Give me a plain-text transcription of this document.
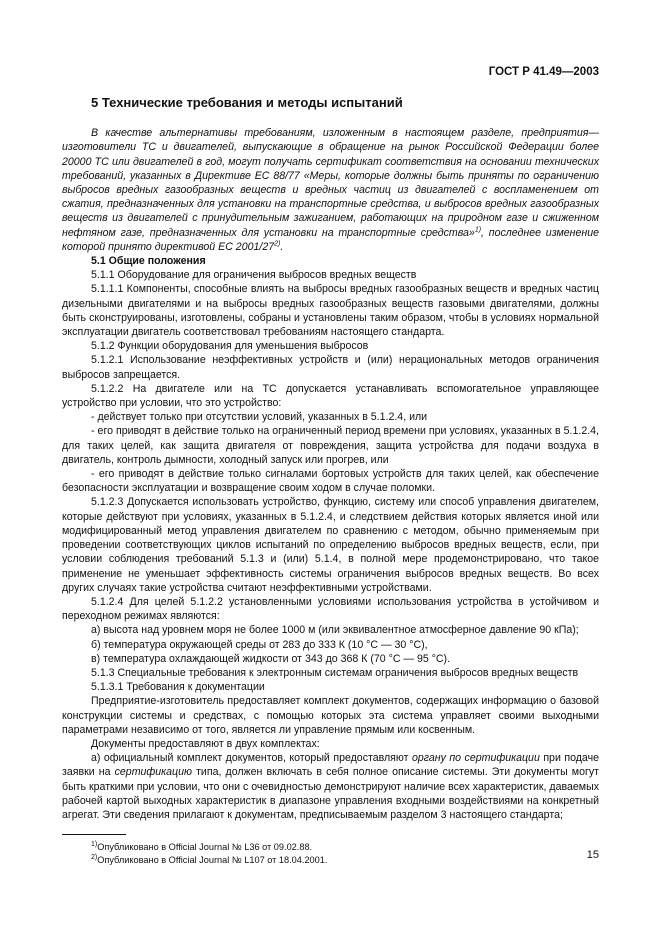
ГОСТ Р 41.49—2003
5 Технические требования и методы испытаний

В качестве альтернативы требованиям, изложенным в настоящем разделе, предприятия—изготовители ТС и двигателей, выпускающие в обращение на рынок Российской Федерации более 20000 ТС или двигателей в год, могут получать сертификат соответствия на основании технических требований, указанных в Директиве ЕС 88/77 «Меры, которые должны быть приняты по ограничению выбросов вредных газообразных веществ и вредных частиц из двигателей с воспламенением от сжатия, предназначенных для установки на транспортные средства, и выбросов вредных газообразных веществ из двигателей с принудительным зажиганием, работающих на природном газе и сжиженном нефтяном газе, предназначенных для установки на транспортные средства»$^{1)}$, последнее изменение которой принято директивой ЕС 2001/27$^{2)}$.

5.1 Общие положения

5.1.1 Оборудование для ограничения выбросов вредных веществ

5.1.1.1 Компоненты, способные влиять на выбросы вредных газообразных веществ и вредных частиц дизельными двигателями и на выбросы вредных газообразных веществ газовыми двигателями, должны быть сконструированы, изготовлены, собраны и установлены таким образом, чтобы в условиях нормальной эксплуатации двигатель соответствовал требованиям настоящего стандарта.

5.1.2 Функции оборудования для уменьшения выбросов

5.1.2.1 Использование неэффективных устройств и (или) нерациональных методов ограничения выбросов запрещается.

5.1.2.2 На двигателе или на ТС допускается устанавливать вспомогательное управляющее устройство при условии, что это устройство:

- действует только при отсутствии условий, указанных в 5.1.2.4, или

- его приводят в действие только на ограниченный период времени при условиях, указанных в 5.1.2.4, для таких целей, как защита двигателя от повреждения, защита устройства для подачи воздуха в двигатель, контроль дымности, холодный запуск или прогрев, или

- его приводят в действие только сигналами бортовых устройств для таких целей, как обеспечение безопасности эксплуатации и возвращение своим ходом в случае поломки.

5.1.2.3 Допускается использовать устройство, функцию, систему или способ управления двигателем, которые действуют при условиях, указанных в 5.1.2.4, и следствием действия которых является иной или модифицированный метод управления двигателем по сравнению с методом, обычно применяемым при проведении соответствующих циклов испытаний по определению выбросов вредных веществ, если, при условии соблюдения требований 5.1.3 и (или) 5.1.4, в полной мере продемонстрировано, что такое применение не уменьшает эффективность системы ограничения выбросов вредных веществ. Во всех других случаях такие устройства считают неэффективными устройствами.

5.1.2.4 Для целей 5.1.2.2 установленными условиями использования устройства в устойчивом и переходном режимах являются:

а) высота над уровнем моря не более 1000 м (или эквивалентное атмосферное давление 90 кПа);

б) температура окружающей среды от 283 до 333 К (10 °С — 30 °С),

в) температура охлаждающей жидкости от 343 до 368 К (70 °С — 95 °С).

5.1.3 Специальные требования к электронным системам ограничения выбросов вредных веществ

5.1.3.1 Требования к документации

Предприятие-изготовитель предоставляет комплект документов, содержащих информацию о базовой конструкции системы и средствах, с помощью которых эта система управляет своими выходными параметрами независимо от того, является ли управление прямым или косвенным.

Документы предоставляют в двух комплектах:

а) официальный комплект документов, который предоставляют органу по сертификации при подаче заявки на сертификацию типа, должен включать в себя полное описание системы. Эти документы могут быть краткими при условии, что они с очевидностью демонстрируют наличие всех характеристик, даваемых рабочей картой выходных характеристик в диапазоне управления входными воздействиями на конкретный агрегат. Эти сведения прилагают к документам, предписываемым разделом 3 настоящего стандарта;

$^{1)}$Опубликовано в Official Journal № L36 от 09.02.88.

$^{2)}$Опубликовано в Official Journal № L107 от 18.04.2001.	15
